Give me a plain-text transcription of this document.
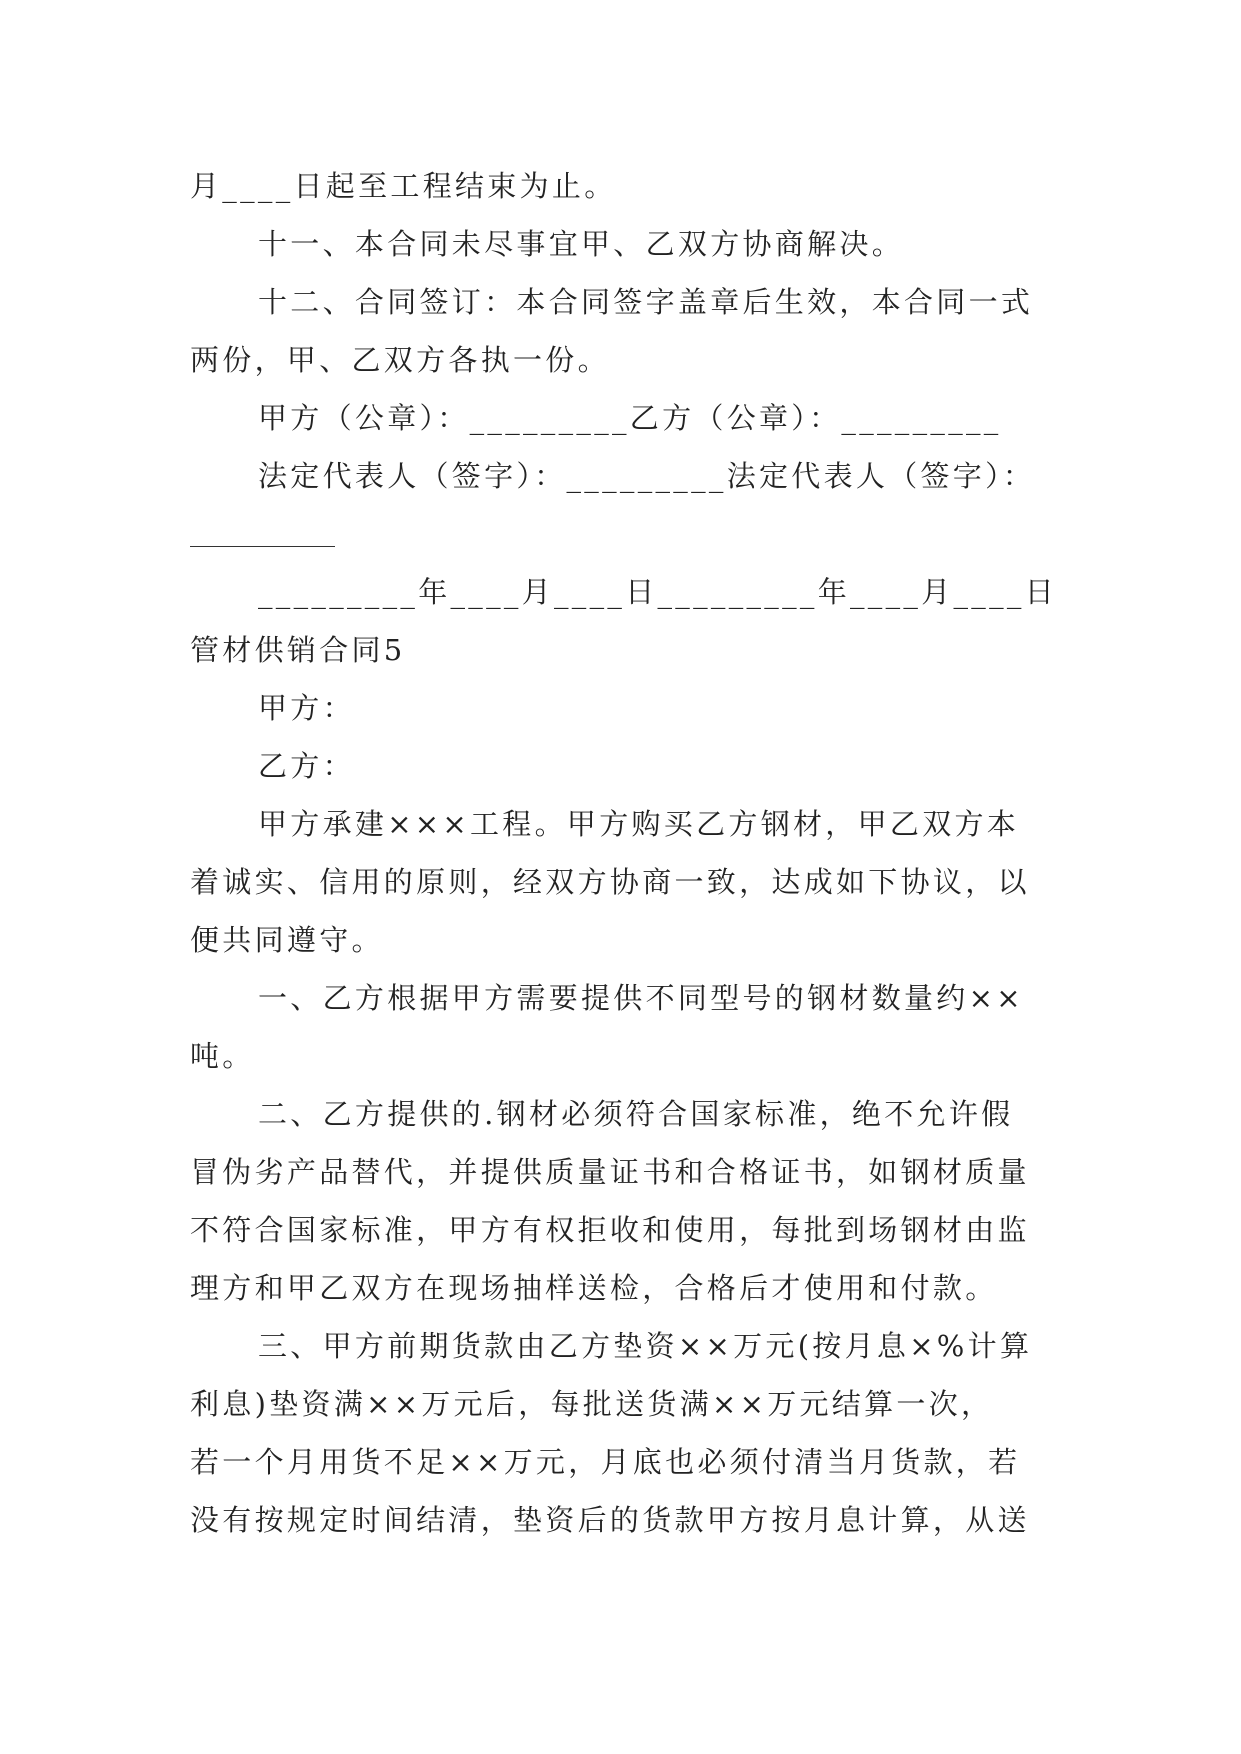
月____日起至工程结束为止。
十一、本合同未尽事宜甲、乙双方协商解决。
十二、合同签订：本合同签字盖章后生效，本合同一式
两份，甲、乙双方各执一份。
甲方（公章）：_________乙方（公章）：_________
法定代表人（签字）：_________法定代表人（签字）：
_________年____月____日_________年____月____日
管材供销合同5
甲方：
乙方：
甲方承建×××工程。甲方购买乙方钢材，甲乙双方本
着诚实、信用的原则，经双方协商一致，达成如下协议，以
便共同遵守。
一、乙方根据甲方需要提供不同型号的钢材数量约××
吨。
二、乙方提供的.钢材必须符合国家标准，绝不允许假
冒伪劣产品替代，并提供质量证书和合格证书，如钢材质量
不符合国家标准，甲方有权拒收和使用，每批到场钢材由监
理方和甲乙双方在现场抽样送检，合格后才使用和付款。
三、甲方前期货款由乙方垫资××万元(按月息×%计算
利息)垫资满××万元后，每批送货满××万元结算一次，
若一个月用货不足××万元，月底也必须付清当月货款，若
没有按规定时间结清，垫资后的货款甲方按月息计算，从送
